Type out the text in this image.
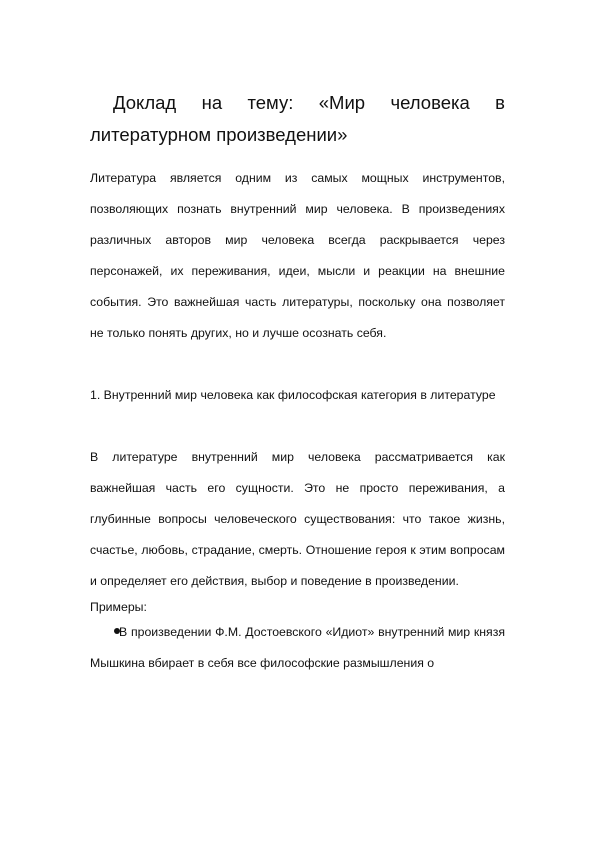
Доклад на тему: «Мир человека в литературном произведении»

Литература является одним из самых мощных инструментов, позволяющих познать внутренний мир человека. В произведениях различных авторов мир человека всегда раскрывается через персонажей, их переживания, идеи, мысли и реакции на внешние события. Это важнейшая часть литературы, поскольку она позволяет не только понять других, но и лучше осознать себя.

1. Внутренний мир человека как философская категория в литературе

В литературе внутренний мир человека рассматривается как важнейшая часть его сущности. Это не просто переживания, а глубинные вопросы человеческого существования: что такое жизнь, счастье, любовь, страдание, смерть. Отношение героя к этим вопросам и определяет его действия, выбор и поведение в произведении.

Примеры:

В произведении Ф.М. Достоевского «Идиот» внутренний мир князя Мышкина вбирает в себя все философские размышления о
